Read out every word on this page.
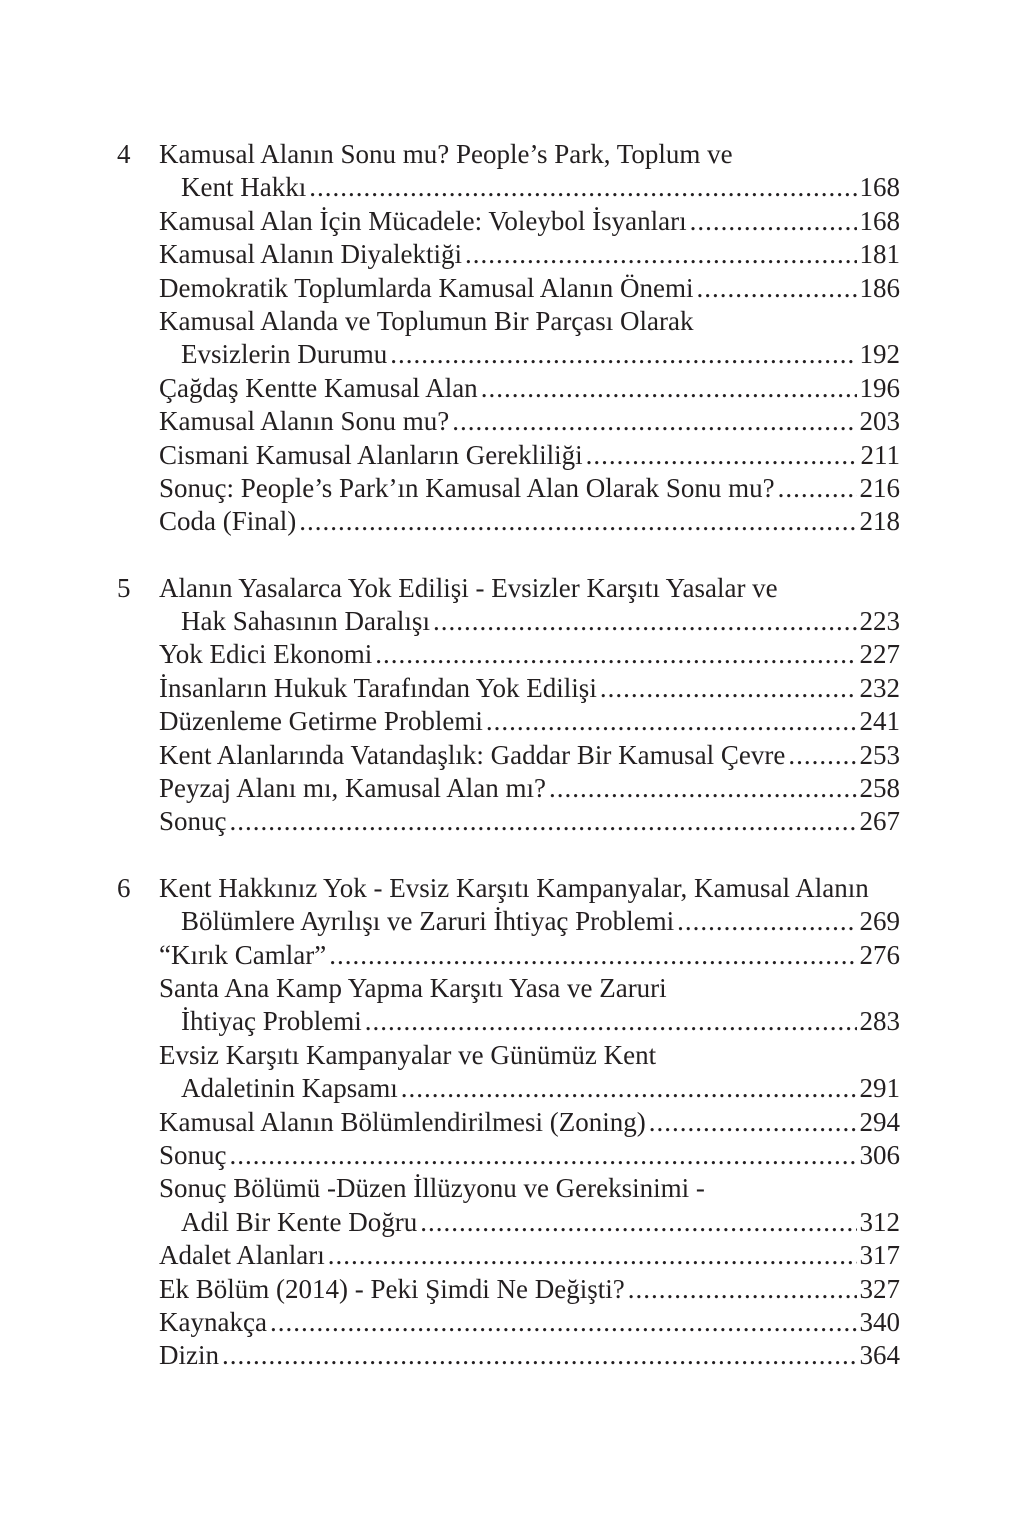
4 Kamusal Alanın Sonu mu? People’s Park, Toplum ve
Kent Hakkı .....	168
Kamusal Alan İçin Mücadele: Voleybol İsyanları .....	168
Kamusal Alanın Diyalektiği .....	181
Demokratik Toplumlarda Kamusal Alanın Önemi .....	186
Kamusal Alanda ve Toplumun Bir Parçası Olarak
Evsizlerin Durumu .....	192
Çağdaş Kentte Kamusal Alan .....	196
Kamusal Alanın Sonu mu? .....	203
Cismani Kamusal Alanların Gerekliliği .....	211
Sonuç: People’s Park’ın Kamusal Alan Olarak Sonu mu? .....	216
Coda (Final) .....	218
5 Alanın Yasalarca Yok Edilişi - Evsizler Karşıtı Yasalar ve
Hak Sahasının Daralışı .....	223
Yok Edici Ekonomi .....	227
İnsanların Hukuk Tarafından Yok Edilişi .....	232
Düzenleme Getirme Problemi .....	241
Kent Alanlarında Vatandaşlık: Gaddar Bir Kamusal Çevre .....	253
Peyzaj Alanı mı, Kamusal Alan mı? .....	258
Sonuç .....	267
6 Kent Hakkınız Yok - Evsiz Karşıtı Kampanyalar, Kamusal Alanın
Bölümlere Ayrılışı ve Zaruri İhtiyaç Problemi .....	269
“Kırık Camlar” .....	276
Santa Ana Kamp Yapma Karşıtı Yasa ve Zaruri
İhtiyaç Problemi .....	283
Evsiz Karşıtı Kampanyalar ve Günümüz Kent
Adaletinin Kapsamı .....	291
Kamusal Alanın Bölümlendirilmesi (Zoning) .....	294
Sonuç .....	306
Sonuç Bölümü -Düzen İllüzyonu ve Gereksinimi -
Adil Bir Kente Doğru .....	312
Adalet Alanları .....	317
Ek Bölüm (2014) - Peki Şimdi Ne Değişti? .....	327
Kaynakça .....	340
Dizin .....	364
